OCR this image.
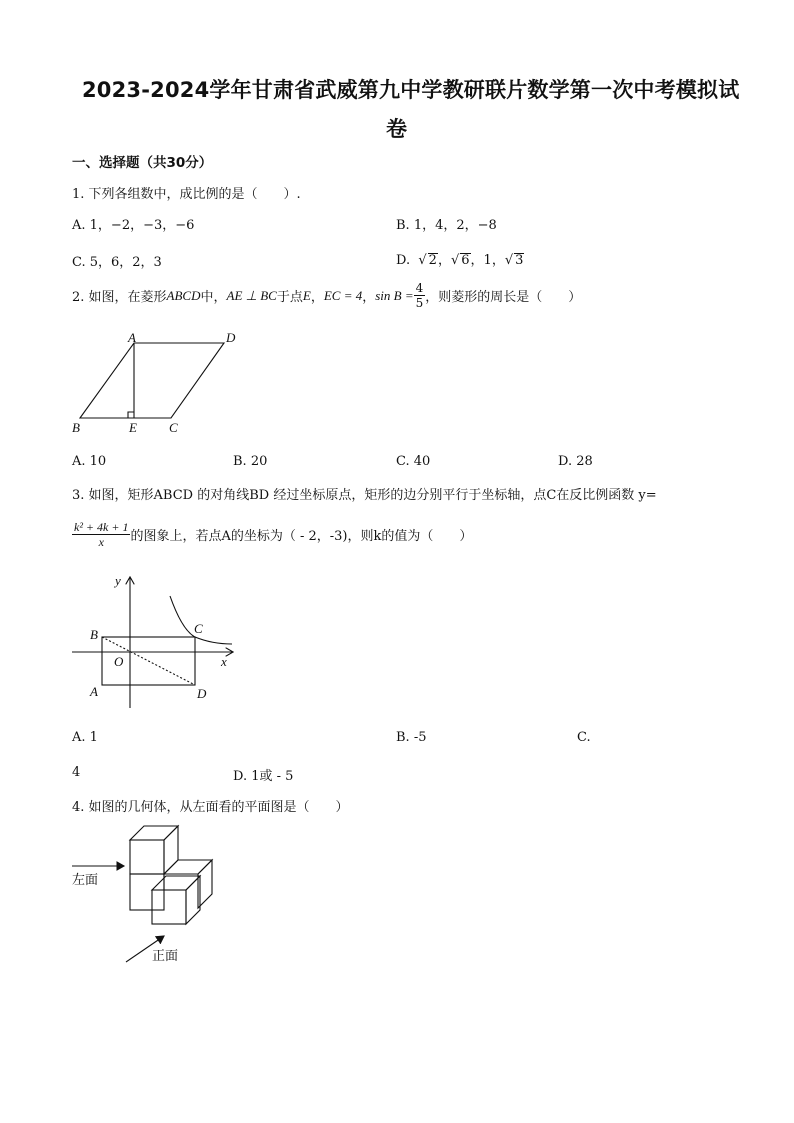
2023-2024学年甘肃省武威第九中学教研联片数学第一次中考模拟试
卷
一、选择题（共30分）
1. 下列各组数中，成比例的是（　　）.
A. 1，−2，−3，−6	B. 1，4，2，−8
C. 5，6，2，3	D.  √ 2，√ 6，1，√ 3
2. 如图，在菱形 ABCD 中， AE ⊥ BC 于点 E ， EC = 4 ， $\sin B = \frac{4}{5}$ ，则菱形的周长是（　　）
A	D
B	E C
A. 10	B. 20	C. 40	D. 28
3. 如图，矩形ABCD 的对角线BD 经过坐标原点，矩形的边分别平行于坐标轴，点C在反比例函数 y=
$\frac{\text{k² + 4k + 1}}{x}$ 的图象上，若点A的坐标为（ - 2，-3)，则k的值为（　　）
y
x
O
B	C
A	D
A. 1	B. -5	C.
4	D. 1或 - 5
4. 如图的几何体，从左面看的平面图是（　　）
左面
正面
